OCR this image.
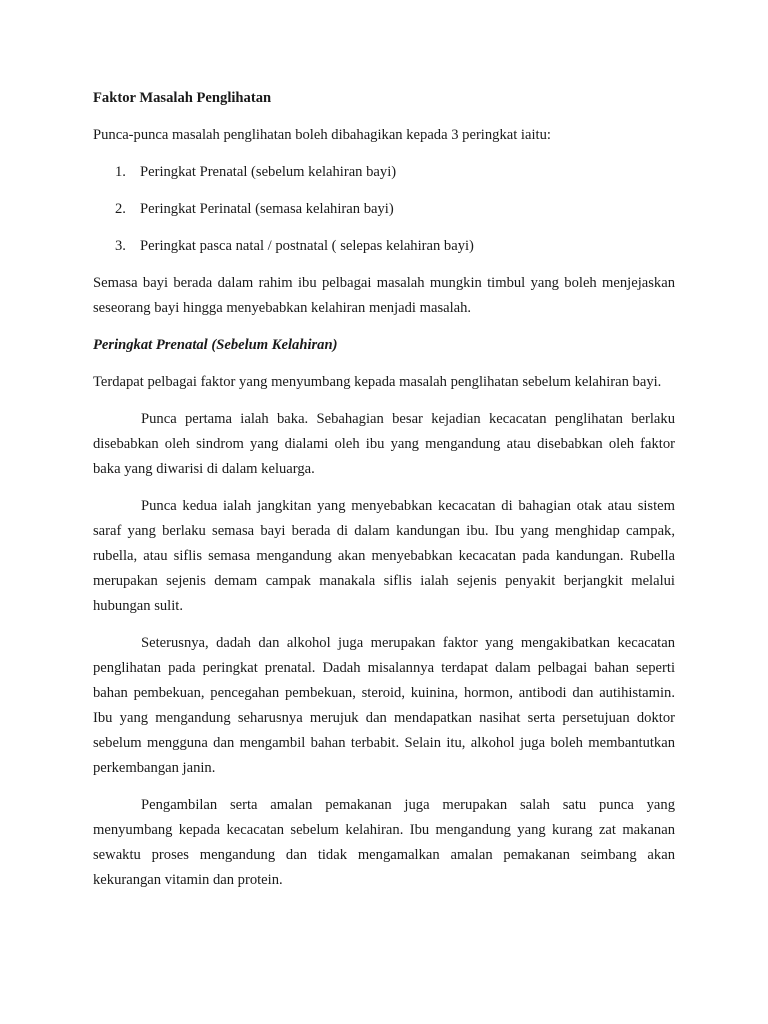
Faktor Masalah Penglihatan

Punca-punca masalah penglihatan boleh dibahagikan kepada 3 peringkat iaitu:

1. Peringkat Prenatal (sebelum kelahiran bayi)
2. Peringkat Perinatal (semasa kelahiran bayi)
3. Peringkat pasca natal / postnatal ( selepas kelahiran bayi)

Semasa bayi berada dalam rahim ibu pelbagai masalah mungkin timbul yang boleh menjejaskan seseorang bayi hingga menyebabkan kelahiran menjadi masalah.

Peringkat Prenatal (Sebelum Kelahiran)

Terdapat pelbagai faktor yang menyumbang kepada masalah penglihatan sebelum kelahiran bayi.

Punca pertama ialah baka. Sebahagian besar kejadian kecacatan penglihatan berlaku disebabkan oleh sindrom yang dialami oleh ibu yang mengandung atau disebabkan oleh faktor baka yang diwarisi di dalam keluarga.

Punca kedua ialah jangkitan yang menyebabkan kecacatan di bahagian otak atau sistem saraf yang berlaku semasa bayi berada di dalam kandungan ibu. Ibu yang menghidap campak, rubella, atau siflis semasa mengandung akan menyebabkan kecacatan pada kandungan. Rubella merupakan sejenis demam campak manakala siflis ialah sejenis penyakit berjangkit melalui hubungan sulit.

Seterusnya, dadah dan alkohol juga merupakan faktor yang mengakibatkan kecacatan penglihatan pada peringkat prenatal. Dadah misalannya terdapat dalam pelbagai bahan seperti bahan pembekuan, pencegahan pembekuan, steroid, kuinina, hormon, antibodi dan autihistamin. Ibu yang mengandung seharusnya merujuk dan mendapatkan nasihat serta persetujuan doktor sebelum mengguna dan mengambil bahan terbabit. Selain itu, alkohol juga boleh membantutkan perkembangan janin.

Pengambilan serta amalan pemakanan juga merupakan salah satu punca yang menyumbang kepada kecacatan sebelum kelahiran. Ibu mengandung yang kurang zat makanan sewaktu proses mengandung dan tidak mengamalkan amalan pemakanan seimbang akan kekurangan vitamin dan protein.
